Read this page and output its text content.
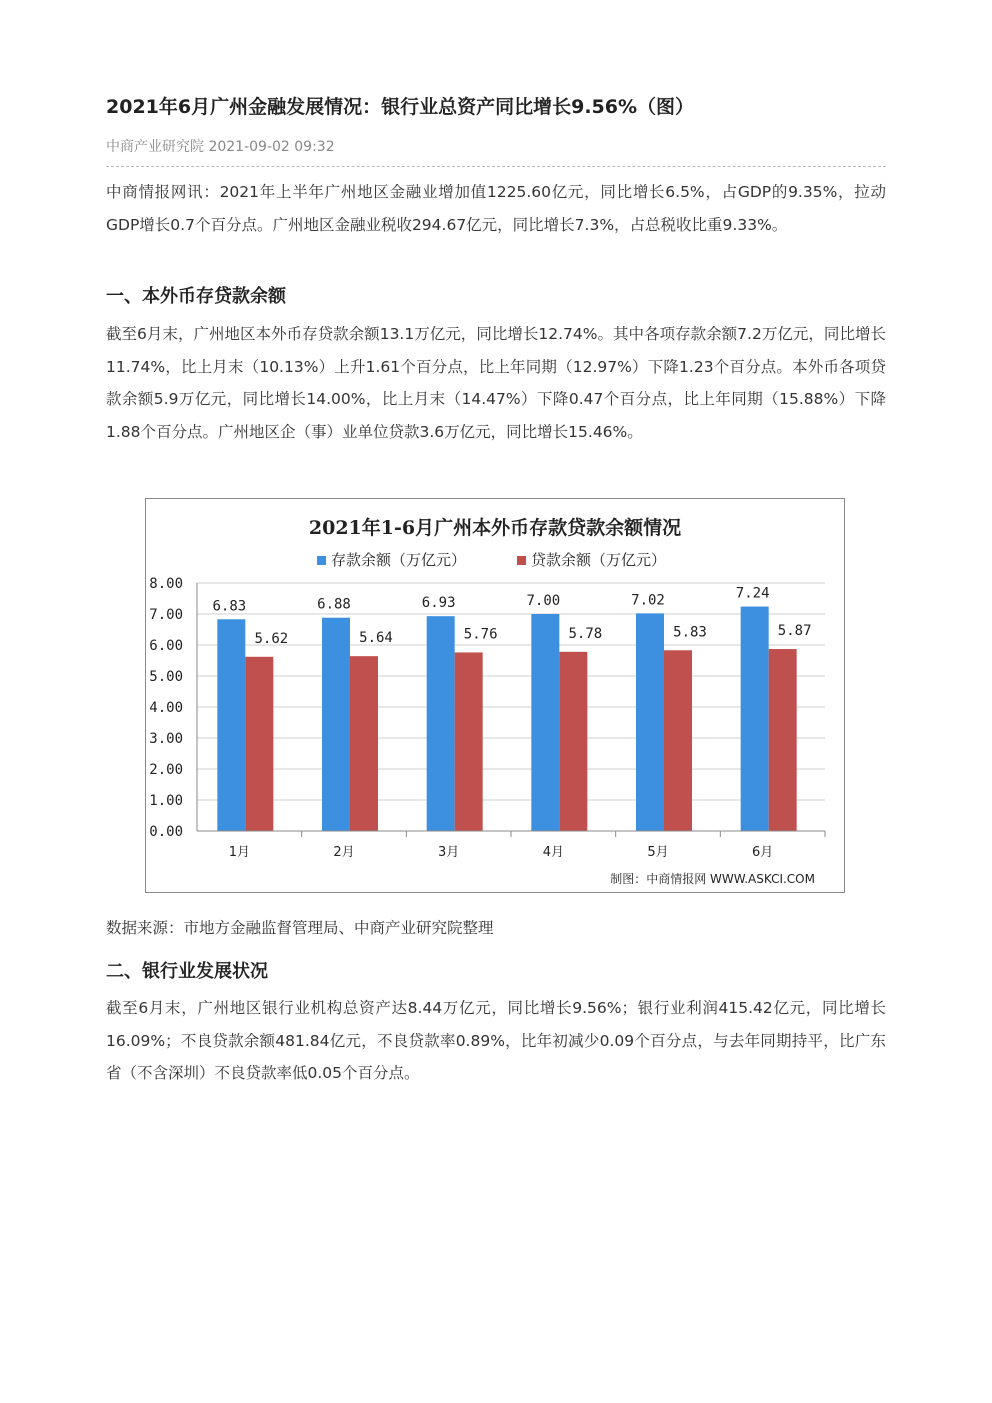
2021年6月广州金融发展情况：银行业总资产同比增长9.56%（图）
中商产业研究院 2021-09-02 09:32
中商情报网讯：2021年上半年广州地区金融业增加值1225.60亿元，同比增长6.5%，占GDP的9.35%，拉动GDP增长0.7个百分点。广州地区金融业税收294.67亿元，同比增长7.3%，占总税收比重9.33%。
一、本外币存贷款余额
截至6月末，广州地区本外币存贷款余额13.1万亿元，同比增长12.74%。其中各项存款余额7.2万亿元，同比增长11.74%，比上月末（10.13%）上升1.61个百分点，比上年同期（12.97%）下降1.23个百分点。本外币各项贷款余额5.9万亿元，同比增长14.00%，比上月末（14.47%）下降0.47个百分点，比上年同期（15.88%）下降1.88个百分点。广州地区企（事）业单位贷款3.6万亿元，同比增长15.46%。
2021年1-6月广州本外币存款贷款余额情况
存款余额（万亿元）	贷款余额（万亿元）
0.00
1.00
2.00
3.00
4.00
5.00
6.00
7.00
8.00
6.83
5.62
1月
6.88
5.64
2月
6.93
5.76
3月
7.00
5.78
4月
7.02
5.83
5月
7.24
5.87
6月
制图：中商情报网 WWW.ASKCI.COM
数据来源：市地方金融监督管理局、中商产业研究院整理
二、银行业发展状况
截至6月末，广州地区银行业机构总资产达8.44万亿元，同比增长9.56%；银行业利润415.42亿元，同比增长16.09%；不良贷款余额481.84亿元，不良贷款率0.89%，比年初减少0.09个百分点，与去年同期持平，比广东省（不含深圳）不良贷款率低0.05个百分点。
